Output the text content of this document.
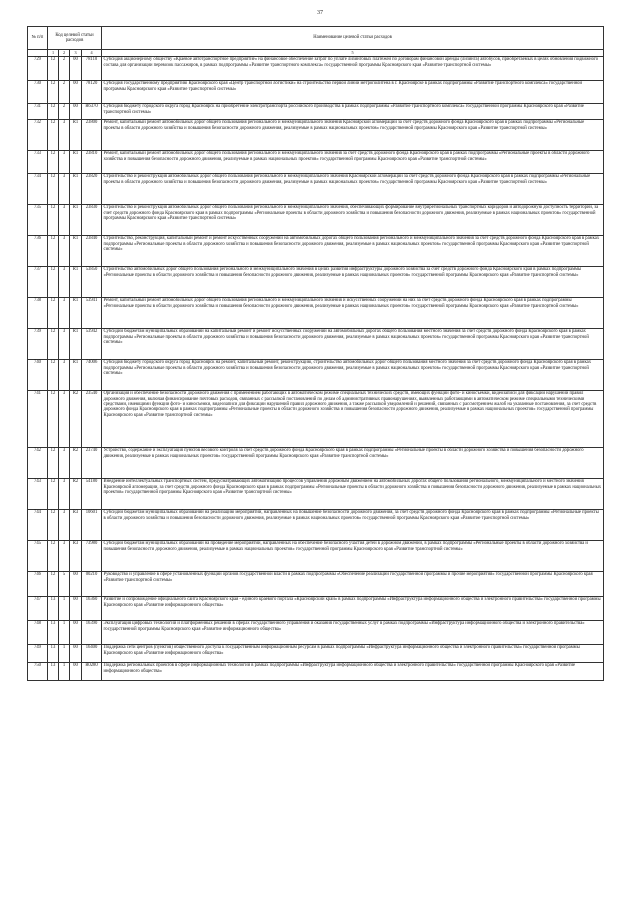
37
№ п/п	Код целевой статьи расходов				Наименование целевой статьи расходов
	1	2	3	4	5
729	12	2	00	78110	Субсидия акционерному обществу «Краевое автотранспортное предприятие» на финансовое обеспечение затрат по уплате лизинговых платежей по договорам финансовой аренды (лизинга) автобусов, приобретаемых в целях обновления подвижного состава для организации перевозок пассажиров, в рамках подпрограммы «Развитие транспортного комплекса» государственной программы Красноярского края «Развитие транспортной системы»
730	12	2	00	78120	Субсидия государственному предприятию Красноярского края «Центр транспортной логистики» на строительство первой линии метрополитена в г. Красноярске в рамках подпрограммы «Развитие транспортного комплекса» государственной программы Красноярского края «Развитие транспортной системы»
731	12	2	00	R6370	Субсидия бюджету городского округа город Красноярск на приобретение электротранспорта российского производства в рамках подпрограммы «Развитие транспортного комплекса» государственной программы Красноярского края «Развитие транспортной системы»
732	12	3	R1	23800	Ремонт, капитальный ремонт автомобильных дорог общего пользования регионального и межмуниципального значения Красноярской агломерации за счет средств дорожного фонда Красноярского края в рамках подпрограммы «Региональные проекты в области дорожного хозяйства и повышения безопасности дорожного движения, реализуемые в рамках национальных проектов» государственной программы Красноярского края «Развитие транспортной системы»
733	12	3	R1	23810	Ремонт, капитальный ремонт автомобильных дорог общего пользования регионального и межмуниципального значения за счет средств дорожного фонда Красноярского края в рамках подпрограммы «Региональные проекты в области дорожного хозяйства и повышения безопасности дорожного движения, реализуемые в рамках национальных проектов» государственной программы Красноярского края «Развитие транспортной системы»
734	12	3	R1	23820	Строительство и реконструкция автомобильных дорог общего пользования регионального и межмуниципального значения Красноярской агломерации за счет средств дорожного фонда Красноярского края в рамках подпрограммы «Региональные проекты в области дорожного хозяйства и повышения безопасности дорожного движения, реализуемые в рамках национальных проектов» государственной программы Красноярского края «Развитие транспортной системы»
735	12	3	R1	23830	Строительство и реконструкция автомобильных дорог общего пользования регионального и межмуниципального значения, обеспечивающих формирование внутрирегиональных транспортных коридоров и автодорожную доступность территорий, за счет средств дорожного фонда Красноярского края в рамках подпрограммы «Региональные проекты в области дорожного хозяйства и повышения безопасности дорожного движения, реализуемые в рамках национальных проектов» государственной программы Красноярского края «Развитие транспортной системы»
736	12	3	R1	23840	Строительство, реконструкция, капитальный ремонт и ремонт искусственных сооружений на автомобильных дорогах общего пользования регионального и межмуниципального значения за счет средств дорожного фонда Красноярского края в рамках подпрограммы «Региональные проекты в области дорожного хозяйства и повышения безопасности дорожного движения, реализуемые в рамках национальных проектов» государственной программы Красноярского края «Развитие транспортной системы»
737	12	3	R1	53850	Строительство автомобильных дорог общего пользования регионального и межмуниципального значения в целях развития инфраструктуры дорожного хозяйства за счет средств дорожного фонда Красноярского края в рамках подпрограммы «Региональные проекты в области дорожного хозяйства и повышения безопасности дорожного движения, реализуемые в рамках национальных проектов» государственной программы Красноярского края «Развитие транспортной системы»
738	12	3	R1	53941	Ремонт, капитальный ремонт автомобильных дорог общего пользования регионального и межмуниципального значения и искусственных сооружений на них за счет средств дорожного фонда Красноярского края в рамках подпрограммы «Региональные проекты в области дорожного хозяйства и повышения безопасности дорожного движения, реализуемые в рамках национальных проектов» государственной программы Красноярского края «Развитие транспортной системы»
739	12	3	R1	53942	Субсидии бюджетам муниципальных образований на капитальный ремонт и ремонт искусственных сооружений на автомобильных дорогах общего пользования местного значения за счет средств дорожного фонда Красноярского края в рамках подпрограммы «Региональные проекты в области дорожного хозяйства и повышения безопасности дорожного движения, реализуемые в рамках национальных проектов» государственной программы Красноярского края «Развитие транспортной системы»
740	12	3	R1	74006	Субсидия бюджету городского округа город Красноярск на ремонт, капитальный ремонт, реконструкцию, строительство автомобильных дорог общего пользования местного значения за счет средств дорожного фонда Красноярского края в рамках подпрограммы «Региональные проекты в области дорожного хозяйства и повышения безопасности дорожного движения, реализуемые в рамках национальных проектов» государственной программы Красноярского края «Развитие транспортной системы»
741	12	3	R2	23540	Организация и обеспечение безопасности дорожного движения с применением работающих в автоматическом режиме специальных технических средств, имеющих функции фото- и киносъемки, видеозаписи для фиксации нарушений правил дорожного движения, включая финансирование почтовых расходов, связанных с рассылкой постановлений по делам об административных правонарушениях, выявленных работающими в автоматическом режиме специальными техническими средствами, имеющими функции фото- и киносъемки, видеозаписи для фиксации нарушений правил дорожного движения, а также рассылкой уведомлений и решений, связанных с рассмотрением жалоб на указанные постановления, за счет средств дорожного фонда Красноярского края в рамках подпрограммы «Региональные проекты в области дорожного хозяйства и повышения безопасности дорожного движения, реализуемые в рамках национальных проектов» государственной программы Красноярского края «Развитие транспортной системы»
742	12	3	R2	23740	Устройство, содержание и эксплуатация пунктов весового контроля за счет средств дорожного фонда Красноярского края в рамках подпрограммы «Региональные проекты в области дорожного хозяйства и повышения безопасности дорожного движения, реализуемые в рамках национальных проектов» государственной программы Красноярского края «Развитие транспортной системы»
743	12	3	R2	54180	Внедрение интеллектуальных транспортных систем, предусматривающих автоматизацию процессов управления дорожным движением на автомобильных дорогах общего пользования регионального, межмуниципального и местного значения Красноярской агломерации, за счет средств дорожного фонда Красноярского края в рамках подпрограммы «Региональные проекты в области дорожного хозяйства и повышения безопасности дорожного движения, реализуемые в рамках национальных проектов» государственной программы Красноярского края «Развитие транспортной системы»
744	12	3	R3	10601	Субсидии бюджетам муниципальных образований на реализацию мероприятий, направленных на повышение безопасности дорожного движения, за счет средств дорожного фонда Красноярского края в рамках подпрограммы «Региональные проекты в области дорожного хозяйства и повышения безопасности дорожного движения, реализуемые в рамках национальных проектов» государственной программы Красноярского края «Развитие транспортной системы»
745	12	3	R3	73980	Субсидии бюджетам муниципальных образований на проведение мероприятий, направленных на обеспечение безопасного участия детей в дорожном движении, в рамках подпрограммы «Региональные проекты в области дорожного хозяйства и повышения безопасности дорожного движения, реализуемые в рамках национальных проектов» государственной программы Красноярского края «Развитие транспортной системы»
746	12	5	00	00210	Руководство и управление в сфере установленных функций органов государственной власти в рамках подпрограммы «Обеспечение реализации государственной программы и прочие мероприятия» государственной программы Красноярского края «Развитие транспортной системы»
747	13	1	00	16360	Развитие и сопровождение официального сайта Красноярского края - единого краевого портала «Красноярский край» в рамках подпрограммы «Инфраструктура информационного общества и электронного правительства» государственной программы Красноярского края «Развитие информационного общества»
748	13	1	00	16390	Эксплуатация цифровых технологий и платформенных решений в сферах государственного управления и оказания государственных услуг в рамках подпрограммы «Инфраструктура информационного общества и электронного правительства» государственной программы Красноярского края «Развитие информационного общества»
749	13	1	00	16400	Поддержка сети центров (пунктов) общественного доступа к государственным информационным ресурсам в рамках подпрограммы «Инфраструктура информационного общества и электронного правительства» государственной программы Красноярского края «Развитие информационного общества»
750	13	1	00	R0280	Поддержка региональных проектов в сфере информационных технологий в рамках подпрограммы «Инфраструктура информационного общества и электронного правительства» государственной программы Красноярского края «Развитие информационного общества»
